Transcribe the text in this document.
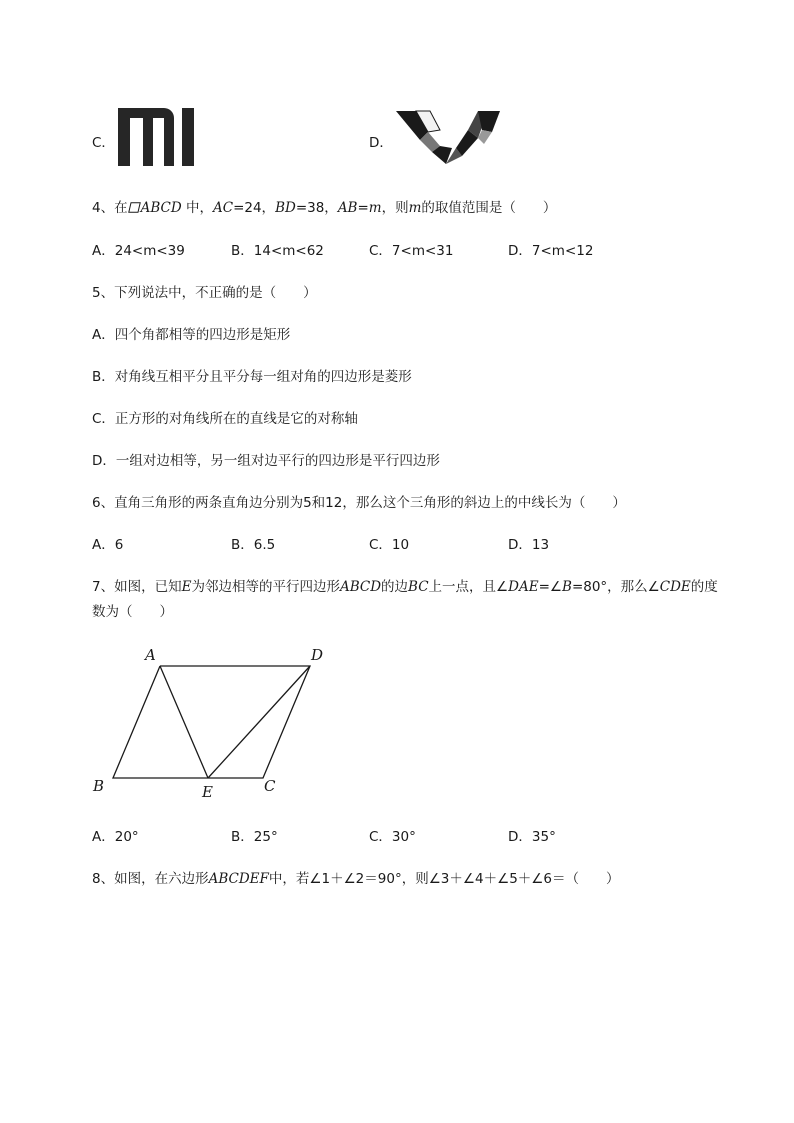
C．	D．
4、在 ABCD 中，AC=24，BD=38，AB=m，则m的取值范围是（　　）
A．24<m<39	B．14<m<62	C．7<m<31	D．7<m<12
5、下列说法中，不正确的是（　　）
A．四个角都相等的四边形是矩形
B．对角线互相平分且平分每一组对角的四边形是菱形
C．正方形的对角线所在的直线是它的对称轴
D．一组对边相等，另一组对边平行的四边形是平行四边形
6、直角三角形的两条直角边分别为5和12，那么这个三角形的斜边上的中线长为（　　）
A．6	B．6.5	C．10	D．13
7、如图，已知E为邻边相等的平行四边形ABCD的边BC上一点，且∠DAE=∠B=80°，那么∠CDE的度
数为（　　）
A	D
B	E	C
A．20°	B．25°	C．30°	D．35°
8、如图，在六边形ABCDEF中，若∠1＋∠2＝90°，则∠3＋∠4＋∠5＋∠6＝（　　）
